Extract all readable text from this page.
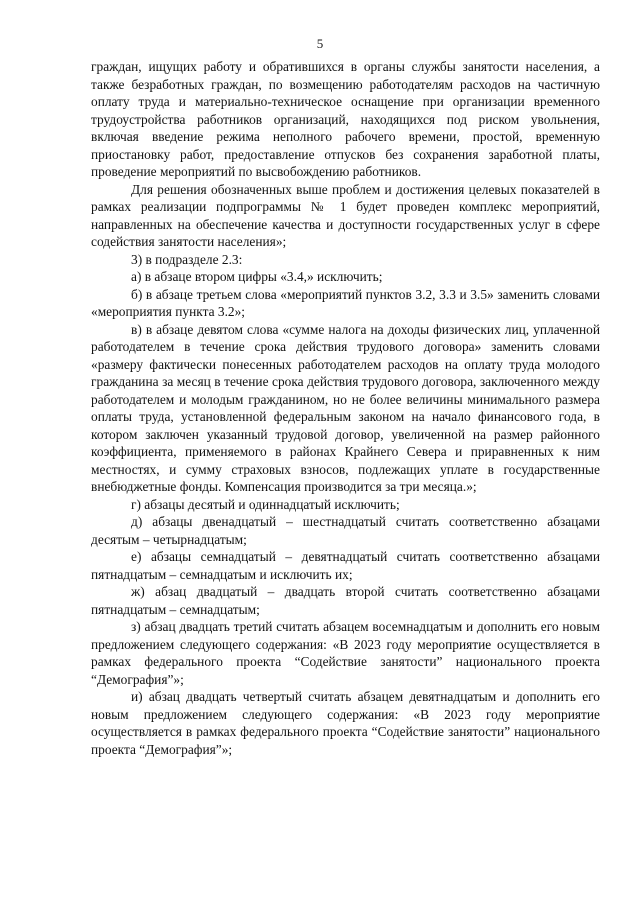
5

граждан, ищущих работу и обратившихся в органы службы занятости населения, а также безработных граждан, по возмещению работодателям расходов на частичную оплату труда и материально-техническое оснащение при организации временного трудоустройства работников организаций, находящихся под риском увольнения, включая введение режима неполного рабочего времени, простой, временную приостановку работ, предоставление отпусков без сохранения заработной платы, проведение мероприятий по высвобождению работников.

Для решения обозначенных выше проблем и достижения целевых показателей в рамках реализации подпрограммы № 1 будет проведен комплекс мероприятий, направленных на обеспечение качества и доступности государственных услуг в сфере содействия занятости населения»;

3) в подразделе 2.3:

а) в абзаце втором цифры «3.4,» исключить;

б) в абзаце третьем слова «мероприятий пунктов 3.2, 3.3 и 3.5» заменить словами «мероприятия пункта 3.2»;

в) в абзаце девятом слова «сумме налога на доходы физических лиц, уплаченной работодателем в течение срока действия трудового договора» заменить словами «размеру фактически понесенных работодателем расходов на оплату труда молодого гражданина за месяц в течение срока действия трудового договора, заключенного между работодателем и молодым гражданином, но не более величины минимального размера оплаты труда, установленной федеральным законом на начало финансового года, в котором заключен указанный трудовой договор, увеличенной на размер районного коэффициента, применяемого в районах Крайнего Севера и приравненных к ним местностях, и сумму страховых взносов, подлежащих уплате в государственные внебюджетные фонды. Компенсация производится за три месяца.»;

г) абзацы десятый и одиннадцатый исключить;

д) абзацы двенадцатый – шестнадцатый считать соответственно абзацами десятым – четырнадцатым;

е) абзацы семнадцатый – девятнадцатый считать соответственно абзацами пятнадцатым – семнадцатым и исключить их;

ж) абзац двадцатый – двадцать второй считать соответственно абзацами пятнадцатым – семнадцатым;

з) абзац двадцать третий считать абзацем восемнадцатым и дополнить его новым предложением следующего содержания: «В 2023 году мероприятие осуществляется в рамках федерального проекта “Содействие занятости” национального проекта “Демография”»;

и) абзац двадцать четвертый считать абзацем девятнадцатым и дополнить его новым предложением следующего содержания: «В 2023 году мероприятие осуществляется в рамках федерального проекта “Содействие занятости” национального проекта “Демография”»;
